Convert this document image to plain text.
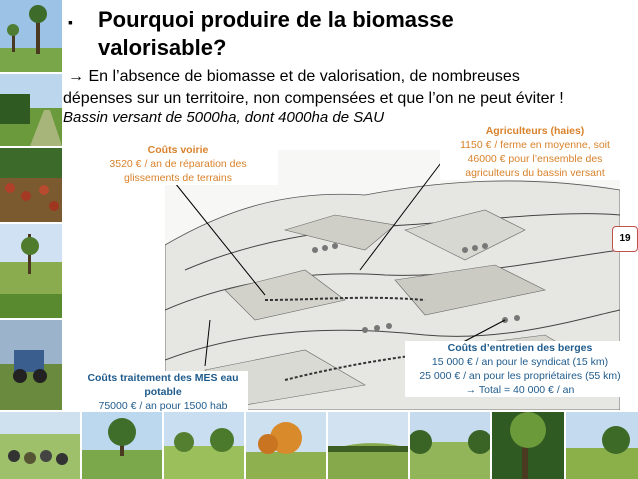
▪ Pourquoi produire de la biomasse valorisable?
→ En l’absence de biomasse et de valorisation, de nombreuses
dépenses sur un territoire, non compensées et que l’on ne peut éviter !
Bassin versant de 5000ha, dont 4000ha de SAU
Coûts voirie
3520 € / an de réparation des
glissements de terrains
Agriculteurs (haies)
1150 € / ferme en moyenne, soit
46000 € pour l’ensemble des
agriculteurs du bassin versant
Coûts d’entretien des berges
15 000 € / an pour le syndicat (15 km)
25 000 € / an pour les propriétaires (55 km)
→ Total = 40 000 € / an
Coûts traitement des MES eau
potable
75000 € / an pour 1500 hab
19
